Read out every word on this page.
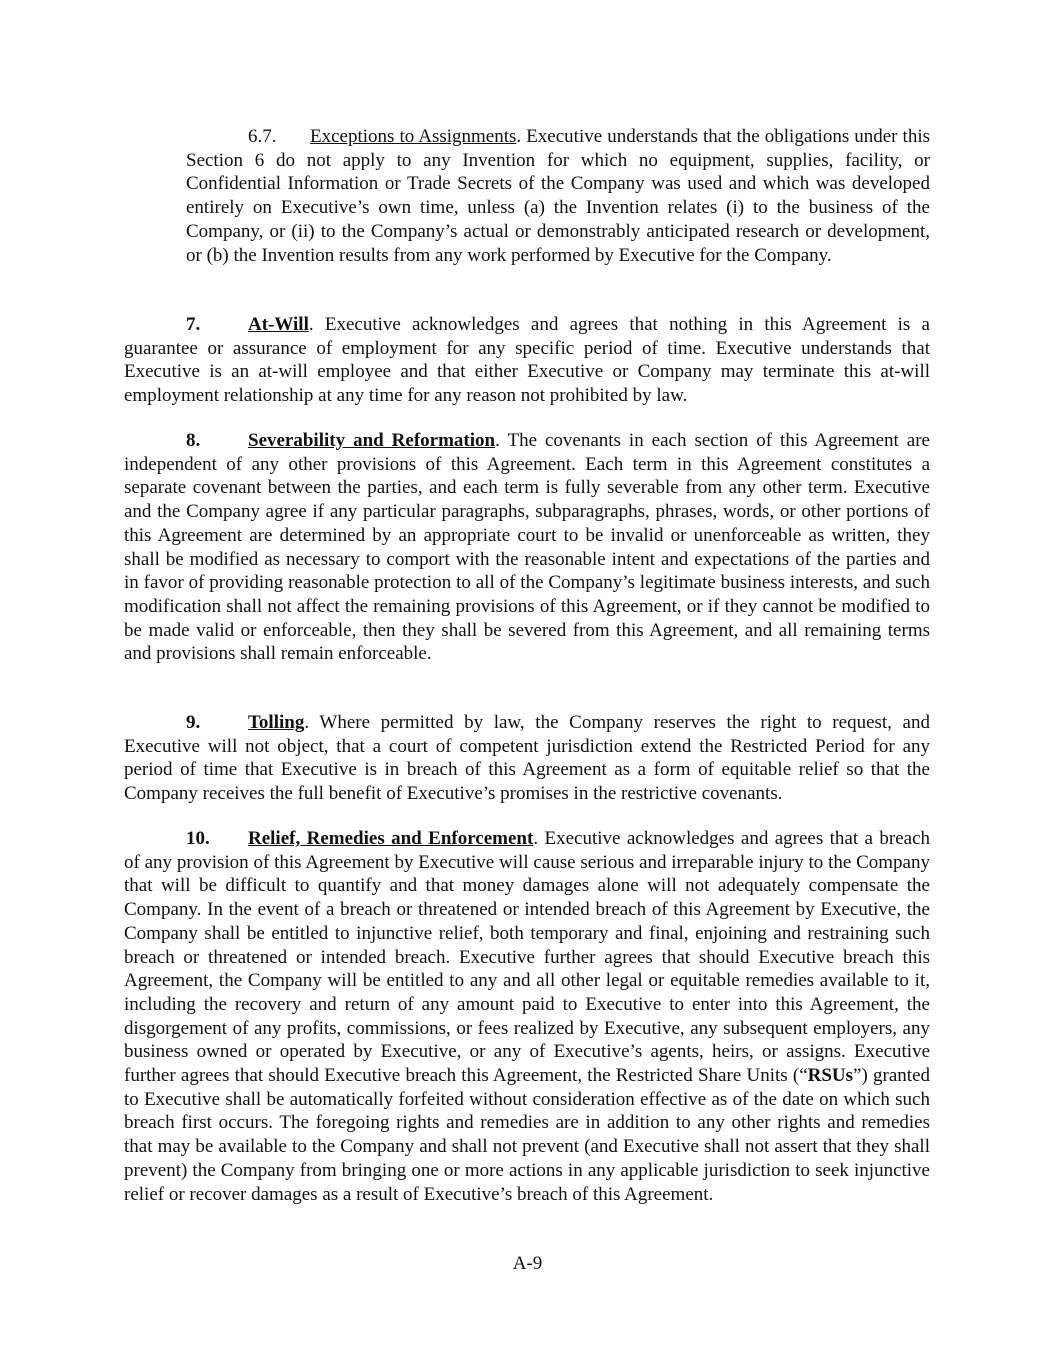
6.7. Exceptions to Assignments. Executive understands that the obligations under this Section 6 do not apply to any Invention for which no equipment, supplies, facility, or Confidential Information or Trade Secrets of the Company was used and which was developed entirely on Executive’s own time, unless (a) the Invention relates (i) to the business of the Company, or (ii) to the Company’s actual or demonstrably anticipated research or development, or (b) the Invention results from any work performed by Executive for the Company.

7.	At-Will. Executive acknowledges and agrees that nothing in this Agreement is a guarantee or assurance of employment for any specific period of time. Executive understands that Executive is an at-will employee and that either Executive or Company may terminate this at-will employment relationship at any time for any reason not prohibited by law.

8.	Severability and Reformation. The covenants in each section of this Agreement are independent of any other provisions of this Agreement. Each term in this Agreement constitutes a separate covenant between the parties, and each term is fully severable from any other term. Executive and the Company agree if any particular paragraphs, subparagraphs, phrases, words, or other portions of this Agreement are determined by an appropriate court to be invalid or unenforceable as written, they shall be modified as necessary to comport with the reasonable intent and expectations of the parties and in favor of providing reasonable protection to all of the Company’s legitimate business interests, and such modification shall not affect the remaining provisions of this Agreement, or if they cannot be modified to be made valid or enforceable, then they shall be severed from this Agreement, and all remaining terms and provisions shall remain enforceable.

9.	Tolling. Where permitted by law, the Company reserves the right to request, and Executive will not object, that a court of competent jurisdiction extend the Restricted Period for any period of time that Executive is in breach of this Agreement as a form of equitable relief so that the Company receives the full benefit of Executive’s promises in the restrictive covenants.

10. Relief, Remedies and Enforcement. Executive acknowledges and agrees that a breach of any provision of this Agreement by Executive will cause serious and irreparable injury to the Company that will be difficult to quantify and that money damages alone will not adequately compensate the Company. In the event of a breach or threatened or intended breach of this Agreement by Executive, the Company shall be entitled to injunctive relief, both temporary and final, enjoining and restraining such breach or threatened or intended breach. Executive further agrees that should Executive breach this Agreement, the Company will be entitled to any and all other legal or equitable remedies available to it, including the recovery and return of any amount paid to Executive to enter into this Agreement, the disgorgement of any profits, commissions, or fees realized by Executive, any subsequent employers, any business owned or operated by Executive, or any of Executive’s agents, heirs, or assigns. Executive further agrees that should Executive breach this Agreement, the Restricted Share Units (“RSUs”) granted to Executive shall be automatically forfeited without consideration effective as of the date on which such breach first occurs. The foregoing rights and remedies are in addition to any other rights and remedies that may be available to the Company and shall not prevent (and Executive shall not assert that they shall prevent) the Company from bringing one or more actions in any applicable jurisdiction to seek injunctive relief or recover damages as a result of Executive’s breach of this Agreement.

A-9
